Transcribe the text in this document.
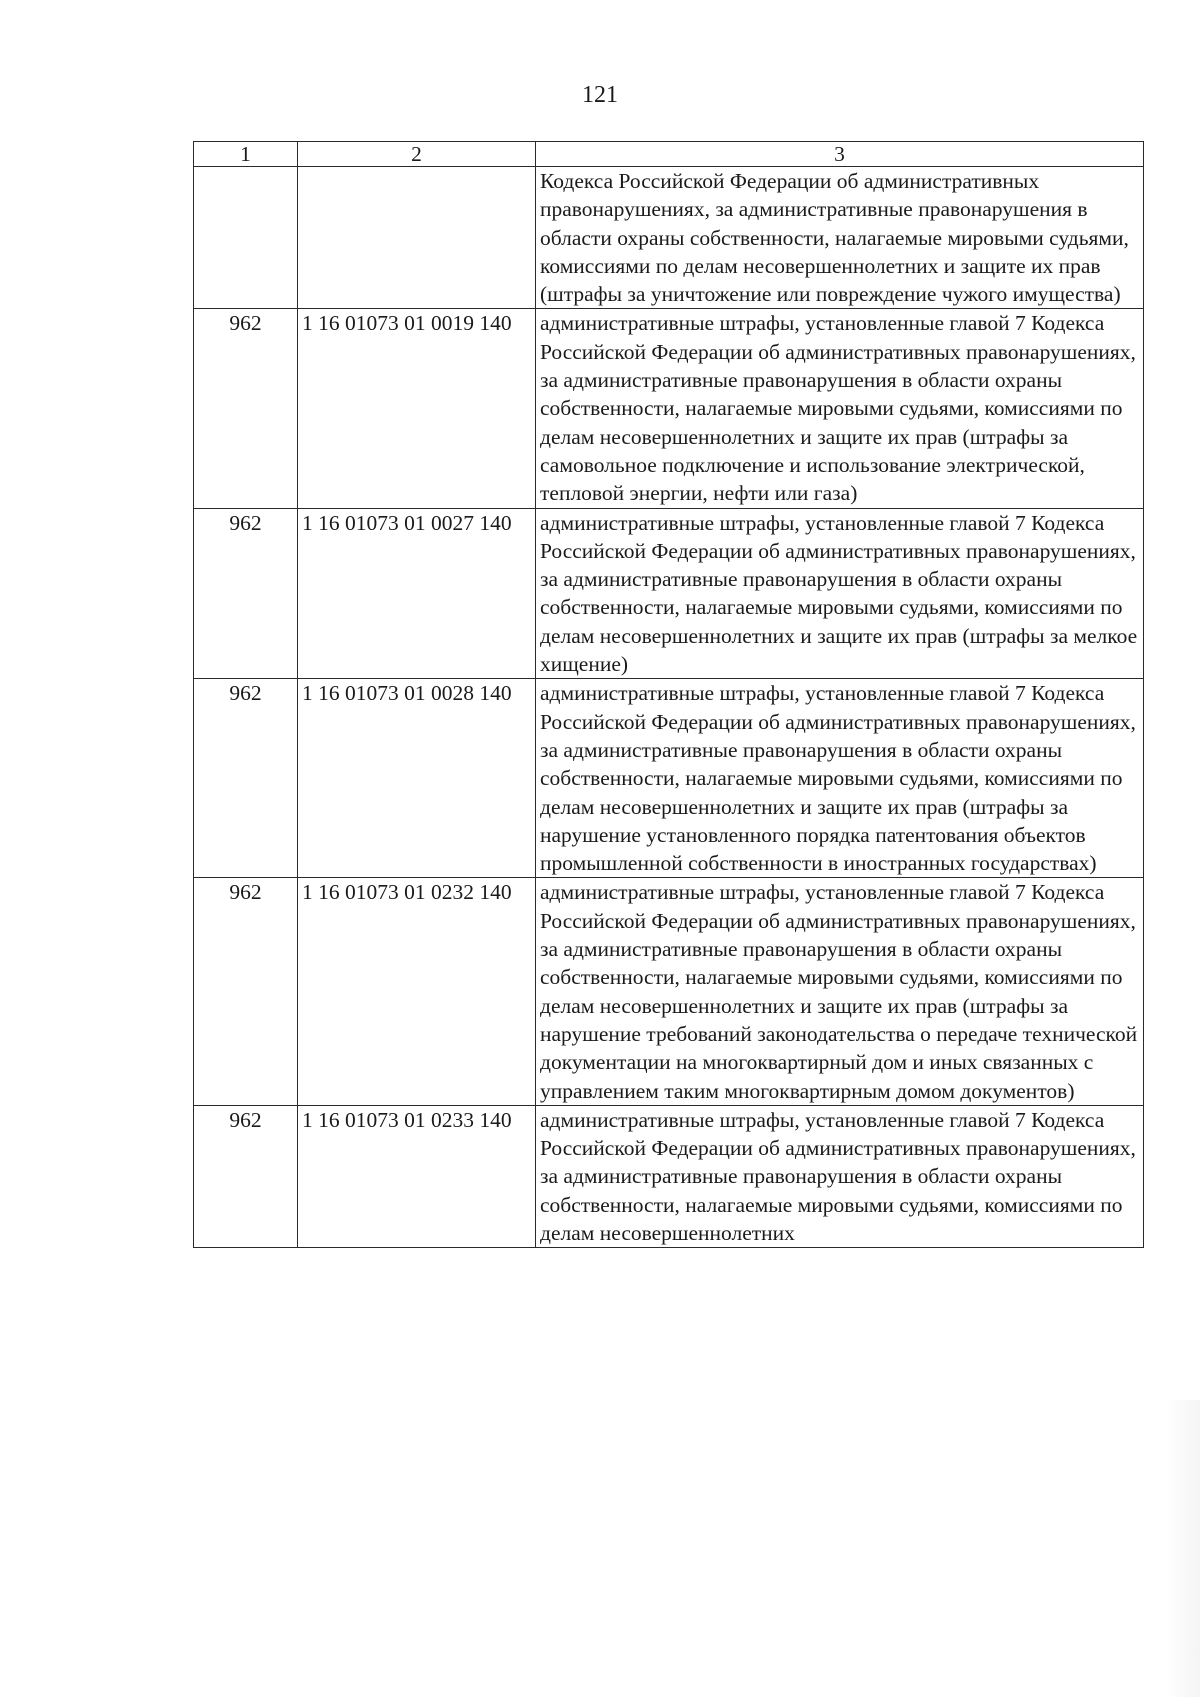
121
1	2	3
		Кодекса Российской Федерации об административных правонарушениях, за административные правонарушения в области охраны собственности, налагаемые мировыми судьями, комиссиями по делам несовершеннолетних и защите их прав (штрафы за уничтожение или повреждение чужого имущества)
962	1 16 01073 01 0019 140	административные штрафы, установленные главой 7 Кодекса Российской Федерации об административных правонарушениях, за административные правонарушения в области охраны собственности, налагаемые мировыми судьями, комиссиями по делам несовершеннолетних и защите их прав (штрафы за самовольное подключение и использование электрической, тепловой энергии, нефти или газа)
962	1 16 01073 01 0027 140	административные штрафы, установленные главой 7 Кодекса Российской Федерации об административных правонарушениях, за административные правонарушения в области охраны собственности, налагаемые мировыми судьями, комиссиями по делам несовершеннолетних и защите их прав (штрафы за мелкое хищение)
962	1 16 01073 01 0028 140	административные штрафы, установленные главой 7 Кодекса Российской Федерации об административных правонарушениях, за административные правонарушения в области охраны собственности, налагаемые мировыми судьями, комиссиями по делам несовершеннолетних и защите их прав (штрафы за нарушение установленного порядка патентования объектов промышленной собственности в иностранных государствах)
962	1 16 01073 01 0232 140	административные штрафы, установленные главой 7 Кодекса Российской Федерации об административных правонарушениях, за административные правонарушения в области охраны собственности, налагаемые мировыми судьями, комиссиями по делам несовершеннолетних и защите их прав (штрафы за нарушение требований законодательства о передаче технической документации на многоквартирный дом и иных связанных с управлением таким многоквартирным домом документов)
962	1 16 01073 01 0233 140	административные штрафы, установленные главой 7 Кодекса Российской Федерации об административных правонарушениях, за административные правонарушения в области охраны собственности, налагаемые мировыми судьями, комиссиями по делам несовершеннолетних
